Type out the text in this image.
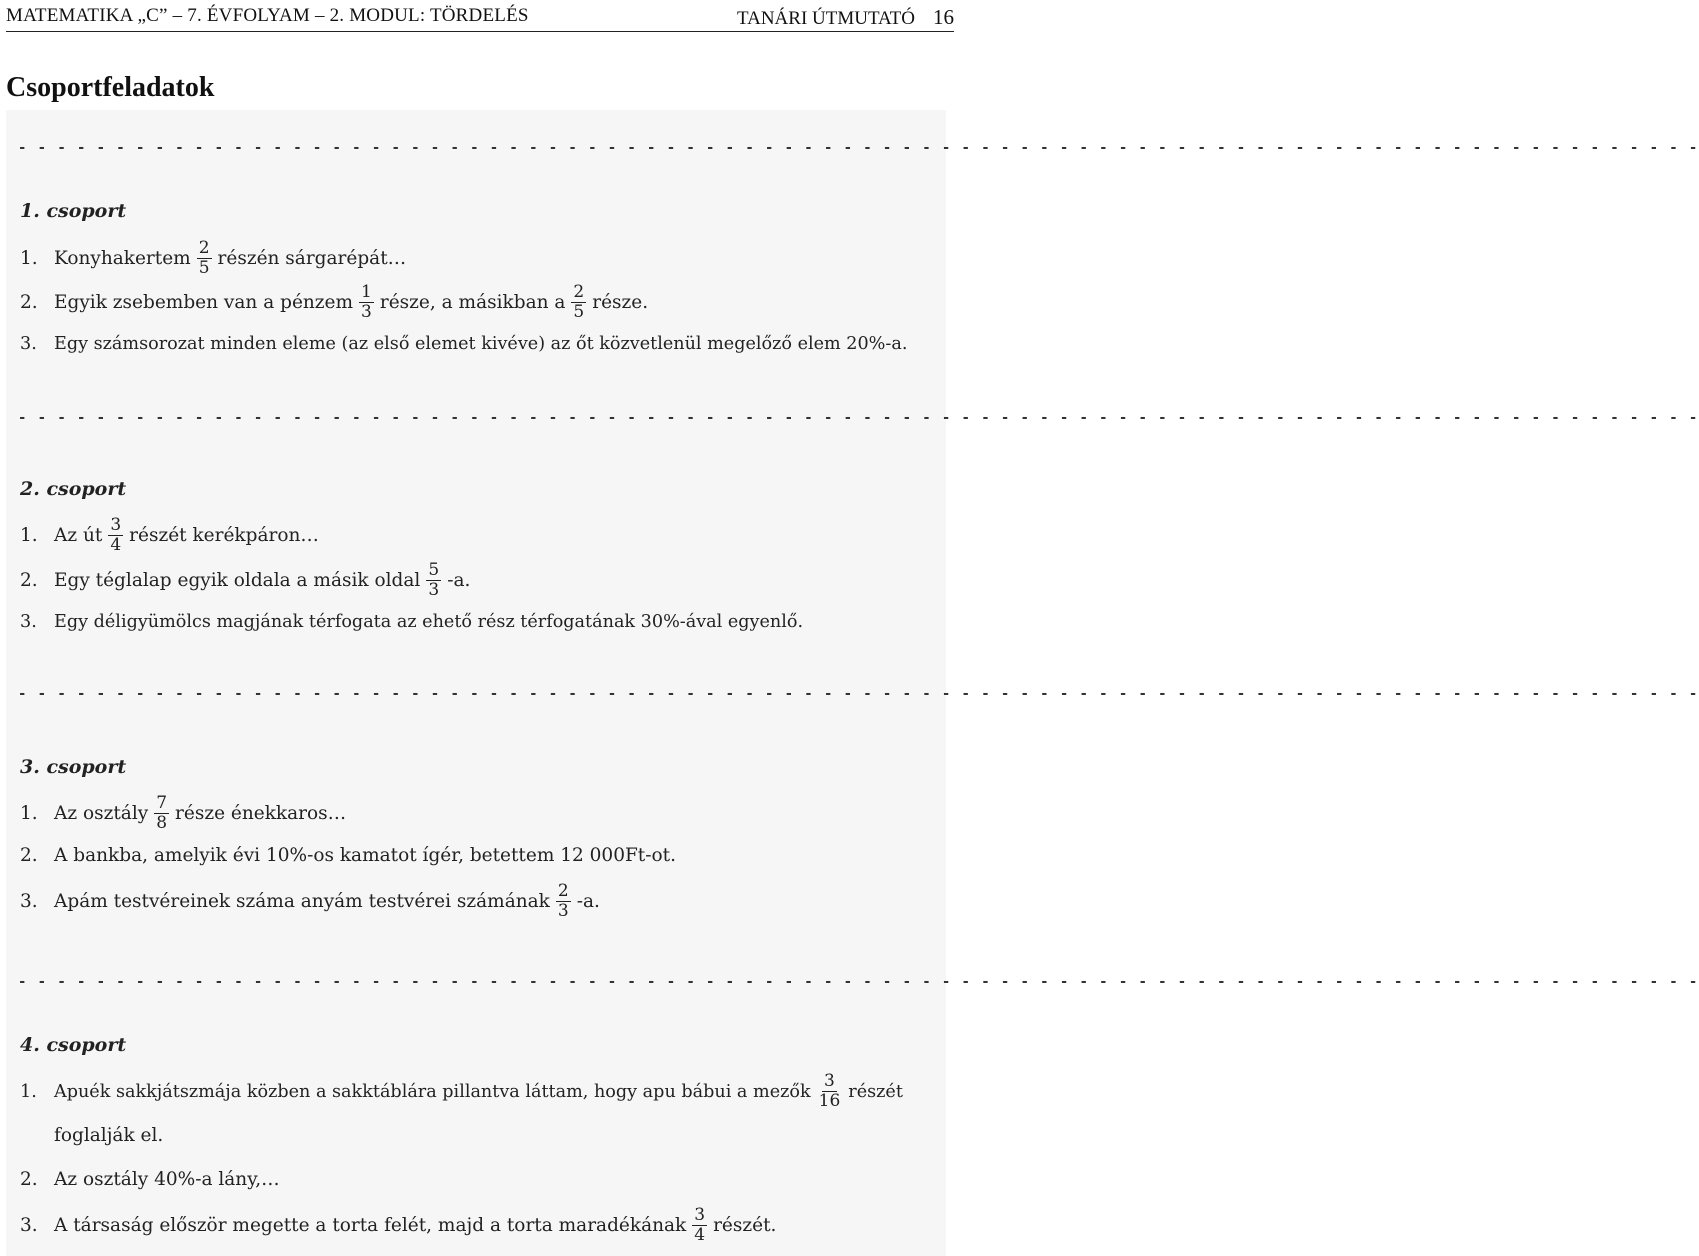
MATEMATIKA „C” – 7. ÉVFOLYAM – 2. MODUL: TÖRDELÉS	TANÁRI ÚTMUTATÓ 16
Csoportfeladatok
- - - - - - - - - - - - - - - - - - - - - - - - - - - - - - - - - - - - - - - - - - - - - - - - - - - - - - - - - - - - - - - - - - - - - - - - - - - - - - - - - - - - - -
1. csoport
1. Konyhakertem $\frac{2}{5}$ részén sárgarépát…
2. Egyik zsebemben van a pénzem $\frac{1}{3}$ része, a másikban a $\frac{2}{5}$ része.
3. Egy számsorozat minden eleme (az első elemet kivéve) az őt közvetlenül megelőző elem 20%-a.
- - - - - - - - - - - - - - - - - - - - - - - - - - - - - - - - - - - - - - - - - - - - - - - - - - - - - - - - - - - - - - - - - - - - - - - - - - - - - - - - - - - - - -
2. csoport
1. Az út $\frac{3}{4}$ részét kerékpáron…
2. Egy téglalap egyik oldala a másik oldal $\frac{5}{3} -a$.
3. Egy déligyümölcs magjának térfogata az ehető rész térfogatának 30%-ával egyenlő.
- - - - - - - - - - - - - - - - - - - - - - - - - - - - - - - - - - - - - - - - - - - - - - - - - - - - - - - - - - - - - - - - - - - - - - - - - - - - - - - - - - - - - -
3. csoport
1. Az osztály $\frac{7}{8}$ része énekkaros…
2. A bankba, amelyik évi 10%-os kamatot ígér, betettem 12 000Ft-ot.
3. Apám testvéreinek száma anyám testvérei számának $\frac{2}{3} -a$.
- - - - - - - - - - - - - - - - - - - - - - - - - - - - - - - - - - - - - - - - - - - - - - - - - - - - - - - - - - - - - - - - - - - - - - - - - - - - - - - - - - - - - -
4. csoport
1. Apuék sakkjátszmája közben a sakktáblára pillantva láttam, hogy apu bábui a mezők $\frac{3}{16}$ részét
foglalják el.
2. Az osztály 40%-a lány,…
3. A társaság először megette a torta felét, majd a torta maradékának $\frac{3}{4}$ részét.
